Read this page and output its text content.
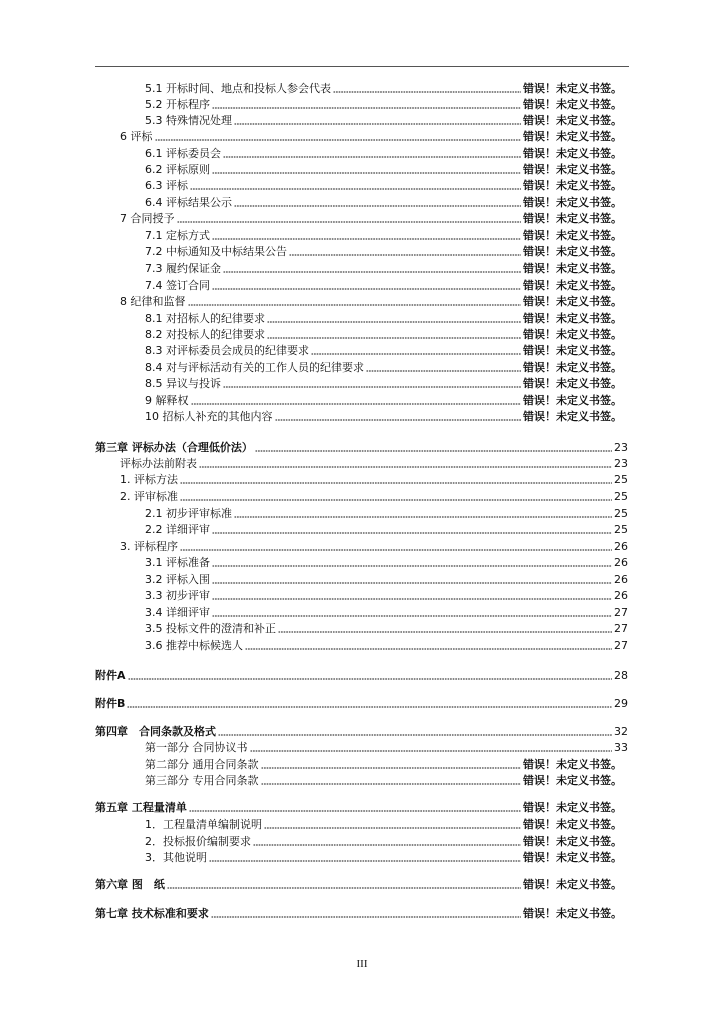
5.1 开标时间、地点和投标人参会代表	错误！未定义书签。
5.2 开标程序	错误！未定义书签。
5.3 特殊情况处理	错误！未定义书签。
6 评标	错误！未定义书签。
6.1 评标委员会	错误！未定义书签。
6.2 评标原则	错误！未定义书签。
6.3 评标	错误！未定义书签。
6.4 评标结果公示	错误！未定义书签。
7 合同授予	错误！未定义书签。
7.1 定标方式	错误！未定义书签。
7.2 中标通知及中标结果公告	错误！未定义书签。
7.3 履约保证金	错误！未定义书签。
7.4 签订合同	错误！未定义书签。
8 纪律和监督	错误！未定义书签。
8.1 对招标人的纪律要求	错误！未定义书签。
8.2 对投标人的纪律要求	错误！未定义书签。
8.3 对评标委员会成员的纪律要求	错误！未定义书签。
8.4 对与评标活动有关的工作人员的纪律要求	错误！未定义书签。
8.5 异议与投诉	错误！未定义书签。
9 解释权	错误！未定义书签。
10 招标人补充的其他内容	错误！未定义书签。
第三章 评标办法（合理低价法）	23
评标办法前附表	23
1. 评标方法	25
2. 评审标准	25
2.1 初步评审标准	25
2.2 详细评审	25
3. 评标程序	26
3.1 评标准备	26
3.2 评标入围	26
3.3 初步评审	26
3.4 详细评审	27
3.5 投标文件的澄清和补正	27
3.6 推荐中标候选人	27
附件A	28
附件B	29
第四章　合同条款及格式	32
第一部分 合同协议书	33
第二部分 通用合同条款	错误！未定义书签。
第三部分 专用合同条款	错误！未定义书签。
第五章 工程量清单	错误！未定义书签。
1．工程量清单编制说明	错误！未定义书签。
2．投标报价编制要求	错误！未定义书签。
3．其他说明	错误！未定义书签。
第六章 图　纸	错误！未定义书签。
第七章 技术标准和要求	错误！未定义书签。
III
